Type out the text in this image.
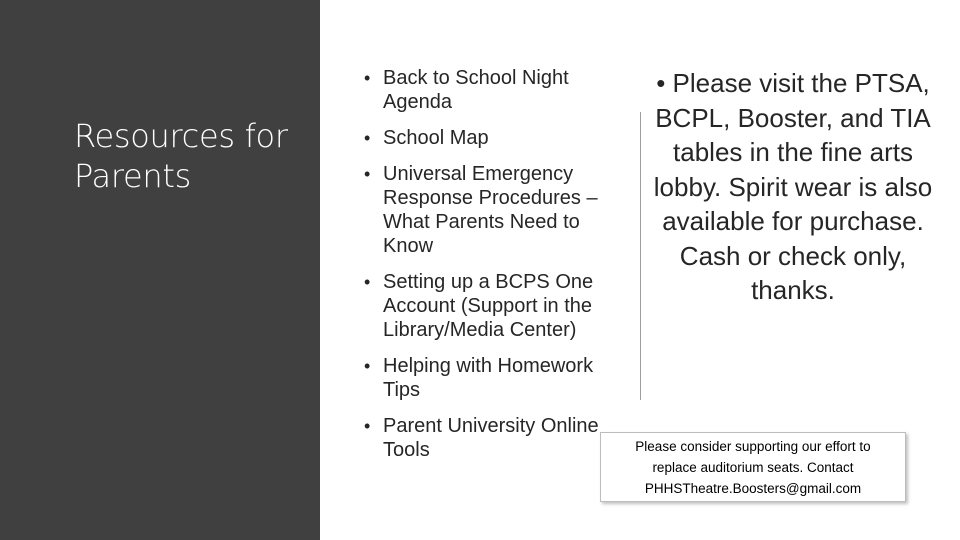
Resources for Parents
• Back to School Night Agenda
• School Map
• Universal Emergency Response Procedures – What Parents Need to Know
• Setting up a BCPS One Account (Support in the Library/Media Center)
• Helping with Homework Tips
• Parent University Online Tools
• Please visit the PTSA, BCPL, Booster, and TIA tables in the fine arts lobby. Spirit wear is also available for purchase. Cash or check only, thanks.
Please consider supporting our effort to
replace auditorium seats. Contact
PHHSTheatre.Boosters@gmail.com
